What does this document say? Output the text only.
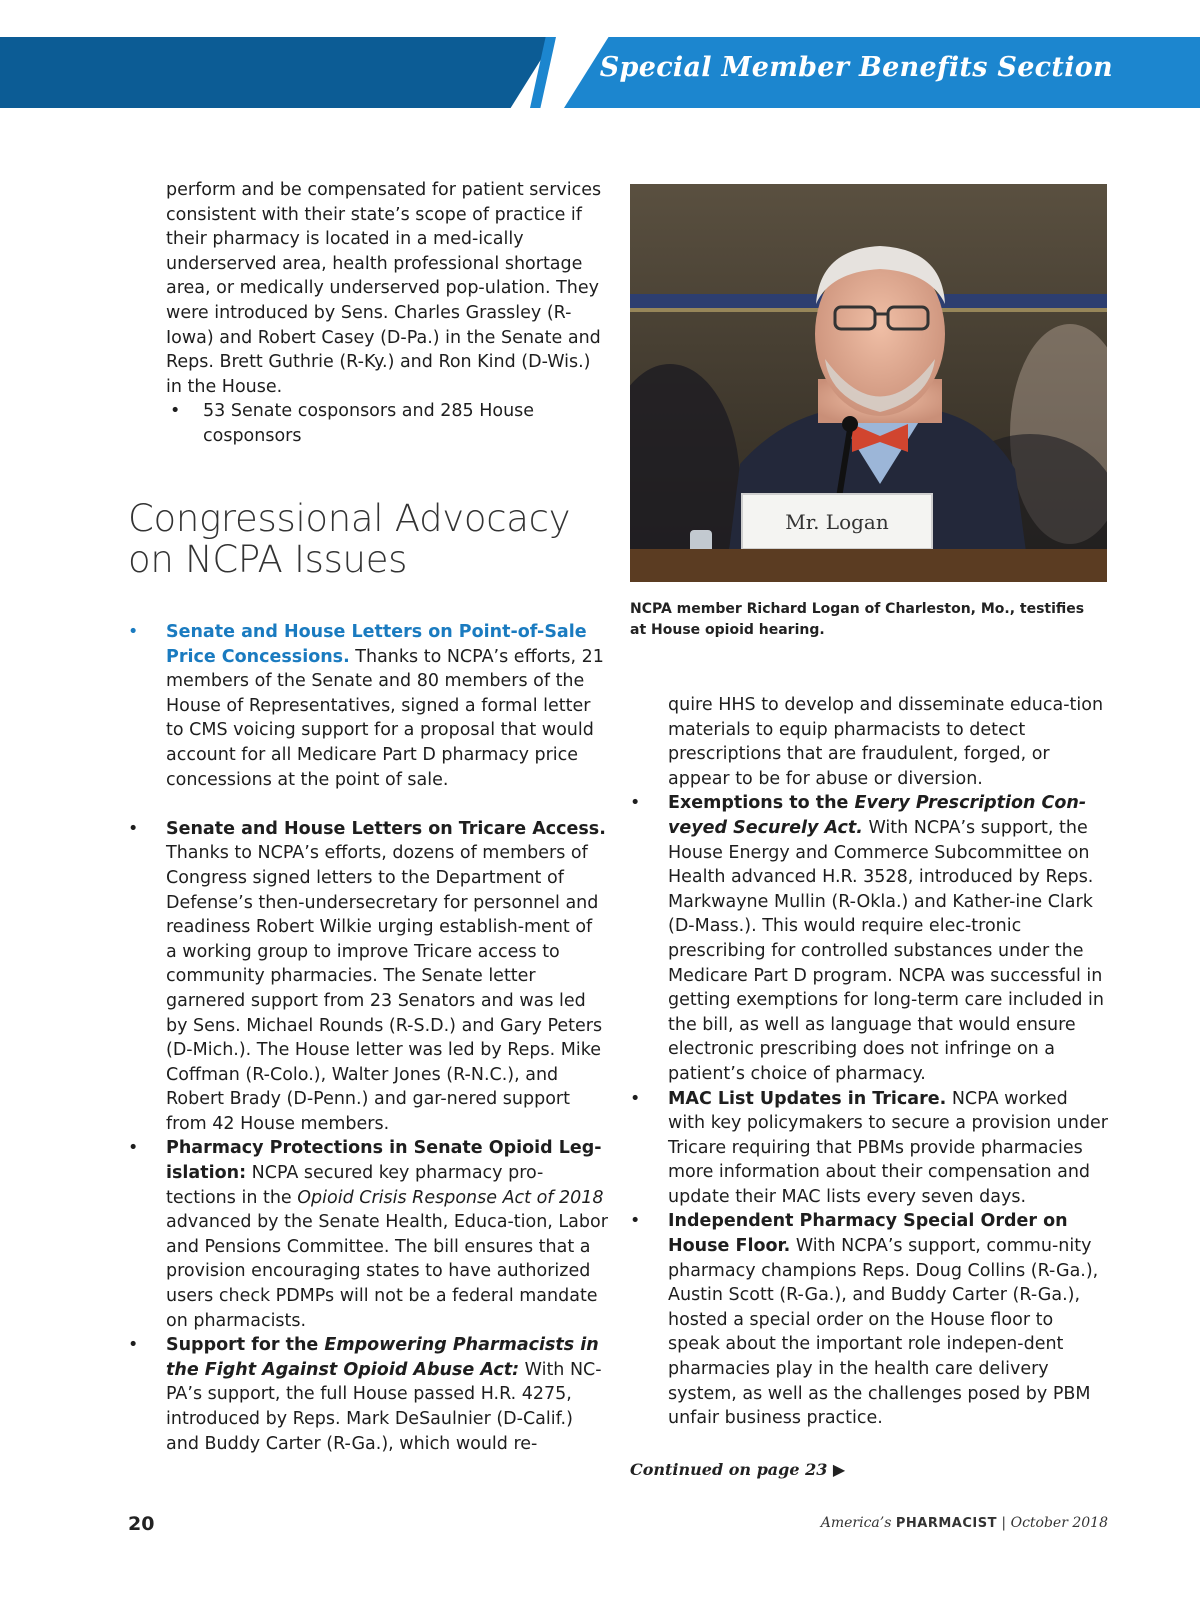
Special Member Benefits Section

perform and be compensated for patient services consistent with their state’s scope of practice if their pharmacy is located in a med-ically underserved area, health professional shortage area, or medically underserved pop-ulation. They were introduced by Sens. Charles Grassley (R-Iowa) and Robert Casey (D-Pa.) in the Senate and Reps. Brett Guthrie (R-Ky.) and Ron Kind (D-Wis.) in the House.

•	53 Senate cosponsors and 285 House cosponsors

Congressional Advocacy on NCPA Issues

•	Senate and House Letters on Point-of-Sale Price Concessions. Thanks to NCPA’s efforts, 21 members of the Senate and 80 members of the House of Representatives, signed a formal letter to CMS voicing support for a proposal that would account for all Medicare Part D pharmacy price concessions at the point of sale.

•	Senate and House Letters on Tricare Access. Thanks to NCPA’s efforts, dozens of members of Congress signed letters to the Department of Defense’s then-undersecretary for personnel and readiness Robert Wilkie urging establish-ment of a working group to improve Tricare access to community pharmacies. The Senate letter garnered support from 23 Senators and was led by Sens. Michael Rounds (R-S.D.) and Gary Peters (D-Mich.). The House letter was led by Reps. Mike Coffman (R-Colo.), Walter Jones (R-N.C.), and Robert Brady (D-Penn.) and gar-nered support from 42 House members.

•	Pharmacy Protections in Senate Opioid Leg-islation: NCPA secured key pharmacy pro-tections in the Opioid Crisis Response Act of 2018 advanced by the Senate Health, Educa-tion, Labor and Pensions Committee. The bill ensures that a provision encouraging states to have authorized users check PDMPs will not be a federal mandate on pharmacists.

•	Support for the Empowering Pharmacists in the Fight Against Opioid Abuse Act: With NC-PA’s support, the full House passed H.R. 4275, introduced by Reps. Mark DeSaulnier (D-Calif.) and Buddy Carter (R-Ga.), which would re-

Mr. Logan
NCPA member Richard Logan of Charleston, Mo., testifies at House opioid hearing.

quire HHS to develop and disseminate educa-tion materials to equip pharmacists to detect prescriptions that are fraudulent, forged, or appear to be for abuse or diversion.

•	Exemptions to the Every Prescription Con-veyed Securely Act. With NCPA’s support, the House Energy and Commerce Subcommittee on Health advanced H.R. 3528, introduced by Reps. Markwayne Mullin (R-Okla.) and Kather-ine Clark (D-Mass.). This would require elec-tronic prescribing for controlled substances under the Medicare Part D program. NCPA was successful in getting exemptions for long-term care included in the bill, as well as language that would ensure electronic prescribing does not infringe on a patient’s choice of pharmacy.

•	MAC List Updates in Tricare. NCPA worked with key policymakers to secure a provision under Tricare requiring that PBMs provide pharmacies more information about their compensation and update their MAC lists every seven days.

•	Independent Pharmacy Special Order on House Floor. With NCPA’s support, commu-nity pharmacy champions Reps. Doug Collins (R-Ga.), Austin Scott (R-Ga.), and Buddy Carter (R-Ga.), hosted a special order on the House floor to speak about the important role indepen-dent pharmacies play in the health care delivery system, as well as the challenges posed by PBM unfair business practice.

Continued on page 23 ▶
20	America’s PHARMACIST | October 2018
